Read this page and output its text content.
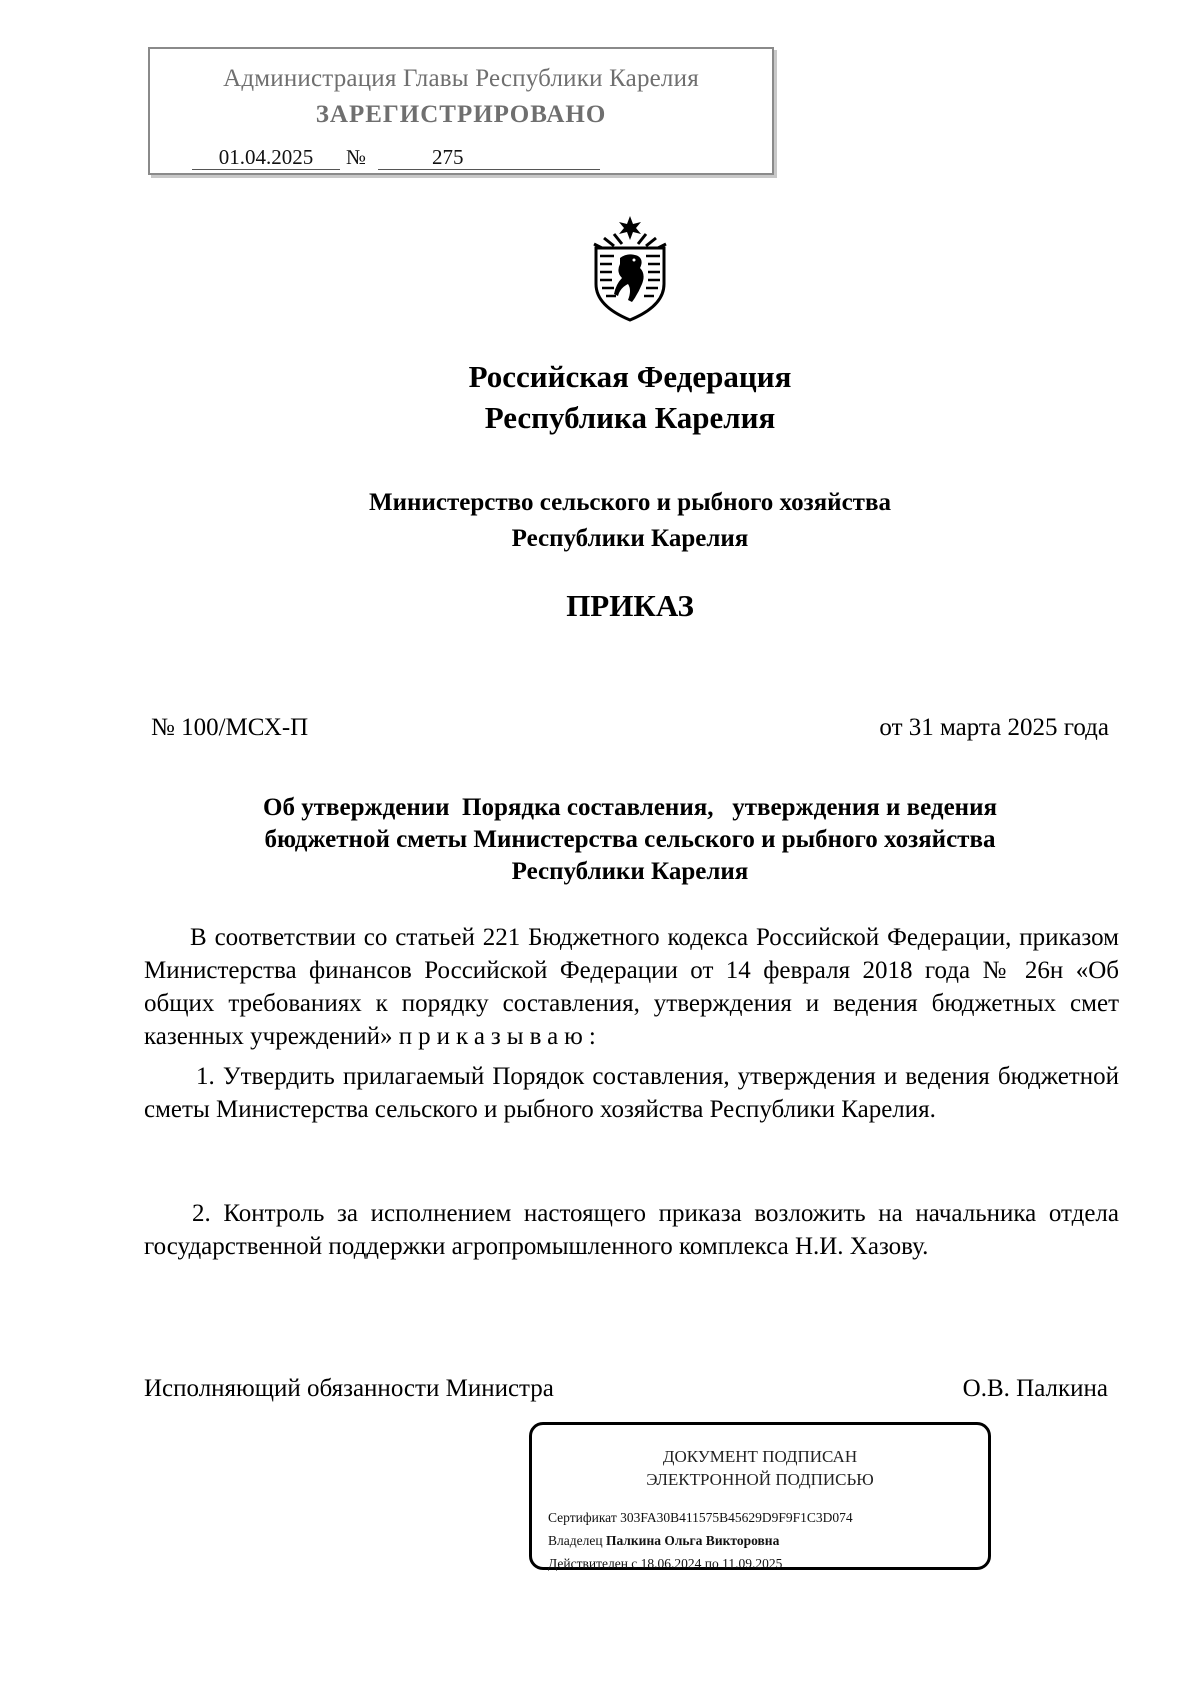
Администрация Главы Республики Карелия
ЗАРЕГИСТРИРОВАНО
01.04.2025	№	275
Российская Федерация
Республика Карелия
Министерство сельского и рыбного хозяйства
Республики Карелия
ПРИКАЗ
№ 100/МСХ-П	от 31 марта 2025 года
Об утверждении  Порядка составления,   утверждения и ведения
бюджетной сметы Министерства сельского и рыбного хозяйства
Республики Карелия
В соответствии со статьей 221 Бюджетного кодекса Российской Федерации, приказом Министерства финансов Российской Федерации от 14 февраля 2018 года № 26н «Об общих требованиях к порядку составления, утверждения и ведения бюджетных смет казенных учреждений» приказываю:
1. Утвердить прилагаемый Порядок составления, утверждения и ведения бюджетной сметы Министерства сельского и рыбного хозяйства Республики Карелия.
2. Контроль за исполнением настоящего приказа возложить на начальника отдела государственной поддержки агропромышленного комплекса Н.И. Хазову.
Исполняющий обязанности Министра	О.В. Палкина
ДОКУМЕНТ ПОДПИСАН
ЭЛЕКТРОННОЙ ПОДПИСЬЮ
Сертификат 303FA30B411575B45629D9F9F1C3D074
Владелец Палкина Ольга Викторовна
Действителен с 18.06.2024 по 11.09.2025
